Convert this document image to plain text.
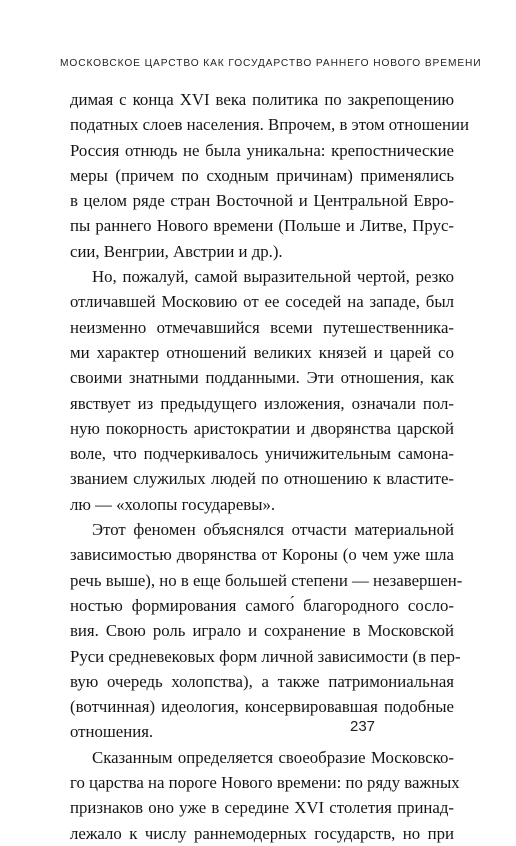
МОСКОВСКОЕ ЦАРСТВО КАК ГОСУДАРСТВО РАННЕГО НОВОГО ВРЕМЕНИ
димая с конца XVI века политика по закрепощению
податных слоев населения. Впрочем, в этом отношении
Россия отнюдь не была уникальна: крепостнические
меры (причем по сходным причинам) применялись
в целом ряде стран Восточной и Центральной Евро-
пы раннего Нового времени (Польше и Литве, Прус-
сии, Венгрии, Австрии и др.).
Но, пожалуй, самой выразительной чертой, резко
отличавшей Московию от ее соседей на западе, был
неизменно отмечавшийся всеми путешественника-
ми характер отношений великих князей и царей со
своими знатными подданными. Эти отношения, как
явствует из предыдущего изложения, означали пол-
ную покорность аристократии и дворянства царской
воле, что подчеркивалось уничижительным самона-
званием служилых людей по отношению к властите-
лю — «холопы государевы».
Этот феномен объяснялся отчасти материальной
зависимостью дворянства от Короны (о чем уже шла
речь выше), но в еще большей степени — незавершен-
ностью формирования самого́ благородного сосло-
вия. Свою роль играло и сохранение в Московской
Руси средневековых форм личной зависимости (в пер-
вую очередь холопства), а также патримониальная
(вотчинная) идеология, консервировавшая подобные
отношения.
Сказанным определяется своеобразие Московско-
го царства на пороге Нового времени: по ряду важных
признаков оно уже в середине XVI столетия принад-
лежало к числу раннемодерных государств, но при
237
